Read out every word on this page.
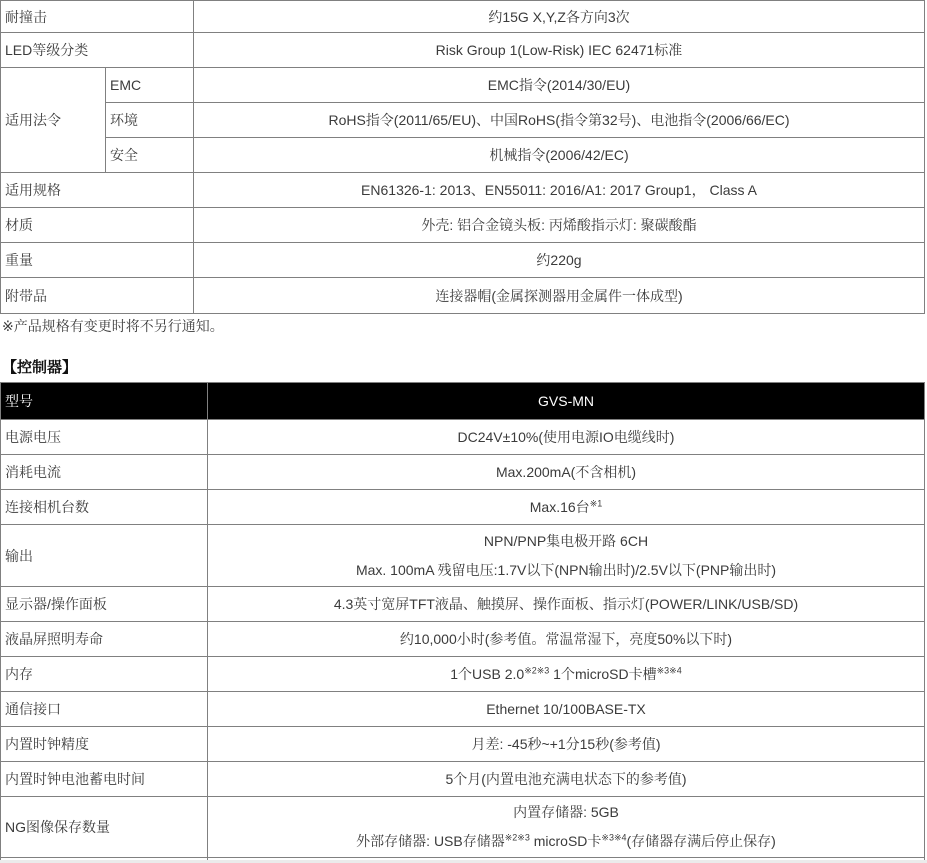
耐撞击		约15G X,Y,Z各方向3次
LED等级分类		Risk Group 1(Low-Risk) IEC 62471标准
适用法令	EMC	EMC指令(2014/30/EU)
	环境	RoHS指令(2011/65/EU)、中国RoHS(指令第32号)、电池指令(2006/66/EC)
	安全	机械指令(2006/42/EC)
适用规格		EN61326-1: 2013、EN55011: 2016/A1: 2017 Group1， Class A
材质		外壳: 铝合金镜头板: 丙烯酸指示灯: 聚碳酸酯
重量		约220g
附带品		连接器帽(金属探测器用金属件一体成型)
※产品规格有变更时将不另行通知。
【控制器】
型号	GVS-MN
电源电压	DC24V±10%(使用电源IO电缆线时)

消耗电流	Max.200mA(不含相机)

连接相机台数	Max.16台$^{※1}$

输出	NPN/PNP集电极开路 6CH
Max. 100mA 残留电压:1.7V以下(NPN输出时)/2.5V以下(PNP输出时)

显示器/操作面板	4.3英寸宽屏TFT液晶、触摸屏、操作面板、指示灯(POWER/LINK/USB/SD)

液晶屏照明寿命	约10,000小时(参考值。常温常湿下，亮度50%以下时)

内存	1个USB 2.0$^{※2※3}$ 1个microSD卡槽$^{※3※4}$

通信接口	Ethernet 10/100BASE-TX

内置时钟精度	月差: -45秒~+1分15秒(参考值)

内置时钟电池蓄电时间	5个月(内置电池充满电状态下的参考值)

NG图像保存数量	内置存储器: 5GB
外部存储器: USB存储器$^{※2※3}$ microSD卡$^{※3※4}$(存储器存满后停止保存)
